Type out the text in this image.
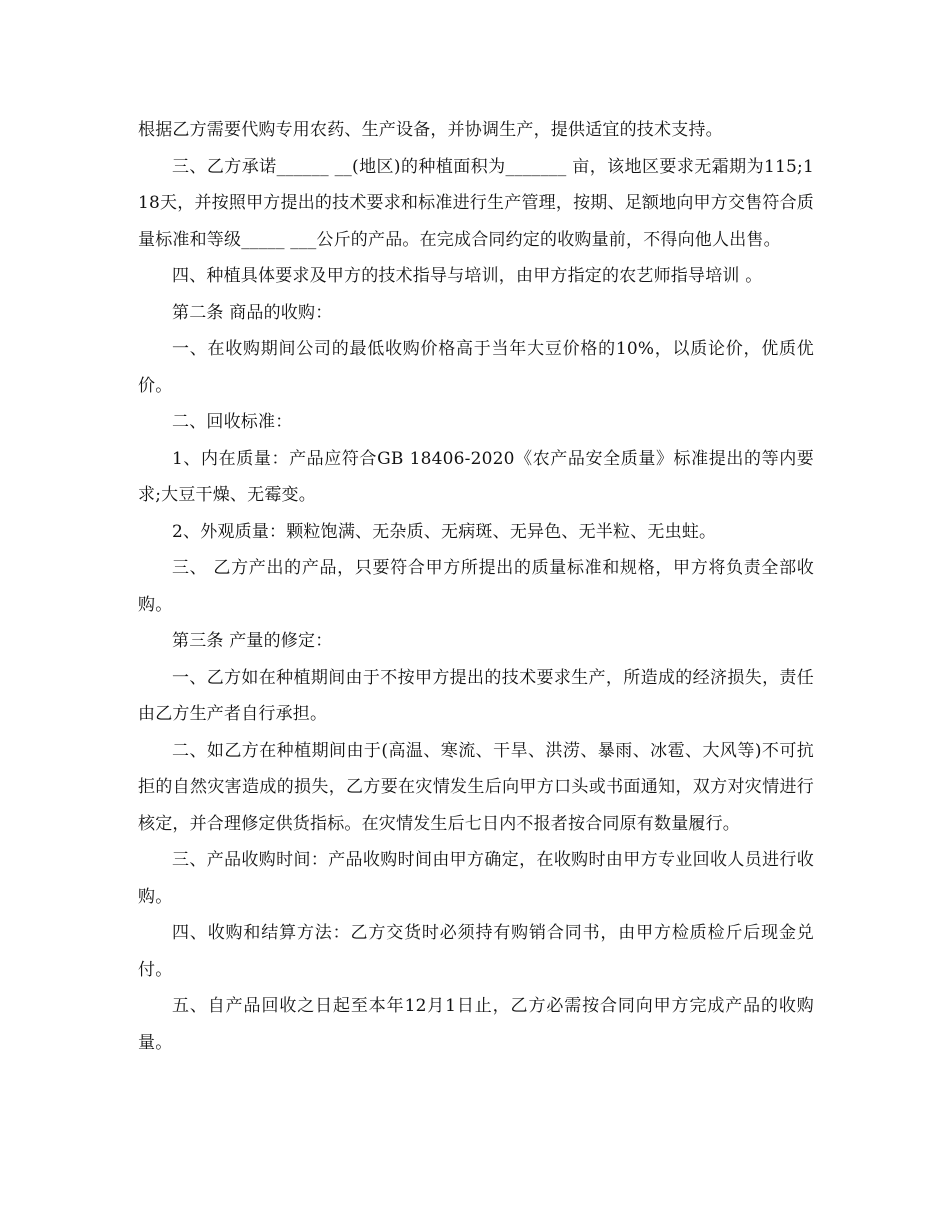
根据乙方需要代购专用农药、生产设备，并协调生产，提供适宜的技术支持。

三、乙方承诺______ __(地区)的种植面积为_______ 亩，该地区要求无霜期为115;118天，并按照甲方提出的技术要求和标准进行生产管理，按期、足额地向甲方交售符合质量标准和等级_____ ___公斤的产品。在完成合同约定的收购量前，不得向他人出售。

四、种植具体要求及甲方的技术指导与培训，由甲方指定的农艺师指导培训 。

第二条 商品的收购：

一、在收购期间公司的最低收购价格高于当年大豆价格的10%，以质论价，优质优价。

二、回收标准：

1、内在质量：产品应符合GB 18406-2020《农产品安全质量》标准提出的等内要求;大豆干燥、无霉变。

2、外观质量：颗粒饱满、无杂质、无病斑、无异色、无半粒、无虫蛀。

三、 乙方产出的产品，只要符合甲方所提出的质量标准和规格，甲方将负责全部收购。

第三条 产量的修定：

一、乙方如在种植期间由于不按甲方提出的技术要求生产，所造成的经济损失，责任由乙方生产者自行承担。

二、如乙方在种植期间由于(高温、寒流、干旱、洪涝、暴雨、冰雹、大风等)不可抗拒的自然灾害造成的损失，乙方要在灾情发生后向甲方口头或书面通知，双方对灾情进行核定，并合理修定供货指标。在灾情发生后七日内不报者按合同原有数量履行。

三、产品收购时间：产品收购时间由甲方确定，在收购时由甲方专业回收人员进行收购。

四、收购和结算方法：乙方交货时必须持有购销合同书，由甲方检质检斤后现金兑付。

五、自产品回收之日起至本年12月1日止，乙方必需按合同向甲方完成产品的收购量。
